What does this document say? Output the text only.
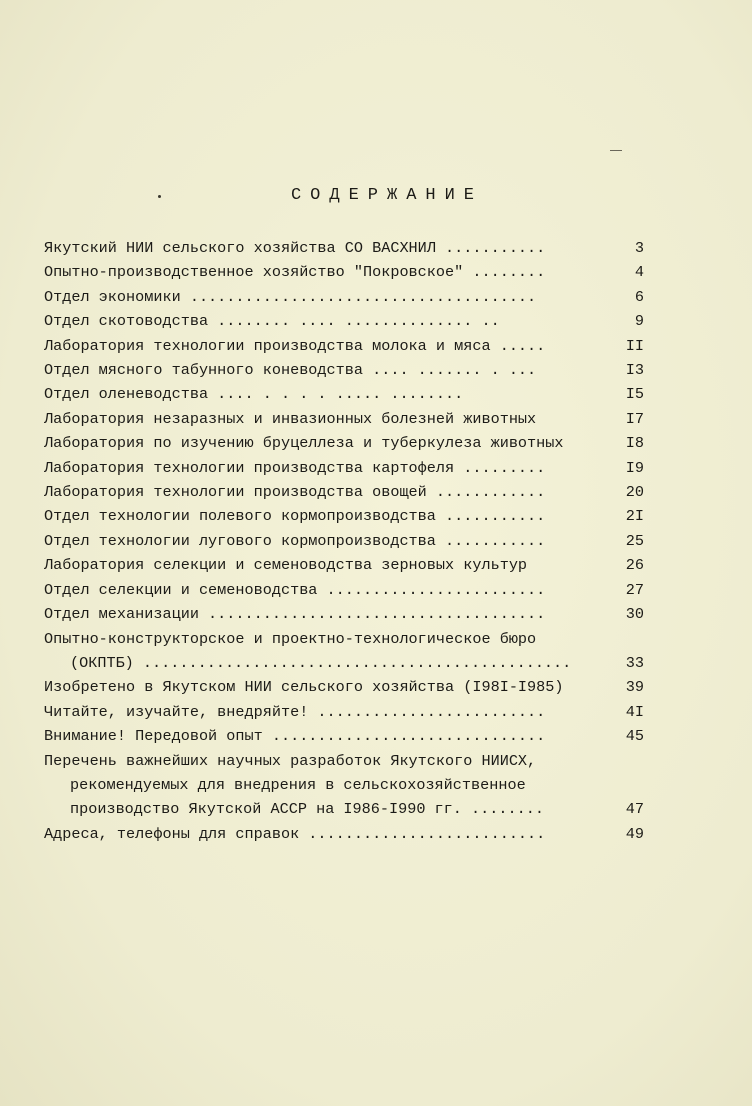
СОДЕРЖАНИЕ
Якутский НИИ сельского хозяйства СО ВАСХНИЛ ...........	3
Опытно-производственное хозяйство "Покровское" ........	4
Отдел экономики ......................................	6
Отдел скотоводства ........ .... .............. ..	9
Лаборатория технологии производства молока и мяса .....	II
Отдел мясного табунного коневодства .... ....... . ...	I3
Отдел оленеводства .... . . . . ..... ........	I5
Лаборатория незаразных и инвазионных болезней животных	I7
Лаборатория по изучению бруцеллеза и туберкулеза животных	I8
Лаборатория технологии производства картофеля .........	I9
Лаборатория технологии производства овощей ............	20
Отдел технологии полевого кормопроизводства ...........	2I
Отдел технологии лугового кормопроизводства ...........	25
Лаборатория селекции и семеноводства зерновых культур	26
Отдел селекции и семеноводства ........................	27
Отдел механизации .....................................	30
Опытно-конструкторское и проектно-технологическое бюро
(ОКПТБ) ...............................................	33
Изобретено в Якутском НИИ сельского хозяйства (I98I-I985)	39
Читайте, изучайте, внедряйте! .........................	4I
Внимание! Передовой опыт ..............................	45
Перечень важнейших научных разработок Якутского НИИСХ,
рекомендуемых для внедрения в сельскохозяйственное
производство Якутской АССР на I986-I990 гг. ........	47
Адреса, телефоны для справок ..........................	49
